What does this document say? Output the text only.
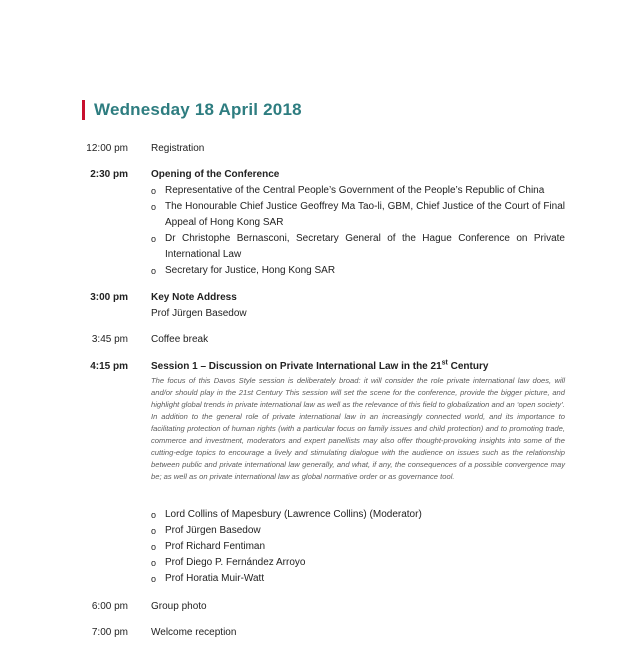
Wednesday 18 April 2018
12:00 pm Registration
2:30 pm Opening of the Conference
o Representative of the Central People’s Government of the People’s Republic of China
o The Honourable Chief Justice Geoffrey Ma Tao-li, GBM, Chief Justice of the Court of Final Appeal of Hong Kong SAR
o Dr Christophe Bernasconi, Secretary General of the Hague Conference on Private International Law
o Secretary for Justice, Hong Kong SAR
3:00 pm Key Note Address
Prof Jürgen Basedow
3:45 pm Coffee break
4:15 pm Session 1 – Discussion on Private International Law in the 21st Century
The focus of this Davos Style session is deliberately broad: it will consider the role private international law does, will and/or should play in the 21st Century This session will set the scene for the conference, provide the bigger picture, and highlight global trends in private international law as well as the relevance of this field to globalization and an ‘open society’. In addition to the general role of private international law in an increasingly connected world, and its importance to facilitating protection of human rights (with a particular focus on family issues and child protection) and to promoting trade, commerce and investment, moderators and expert panellists may also offer thought-provoking insights into some of the cutting-edge topics to encourage a lively and stimulating dialogue with the audience on issues such as the relationship between public and private international law generally, and what, if any, the consequences of a possible convergence may be; as well as on private international law as global normative order or as governance tool.
o Lord Collins of Mapesbury (Lawrence Collins) (Moderator)
o Prof Jürgen Basedow
o Prof Richard Fentiman
o Prof Diego P. Fernández Arroyo
o Prof Horatia Muir-Watt
6:00 pm Group photo
7:00 pm Welcome reception
